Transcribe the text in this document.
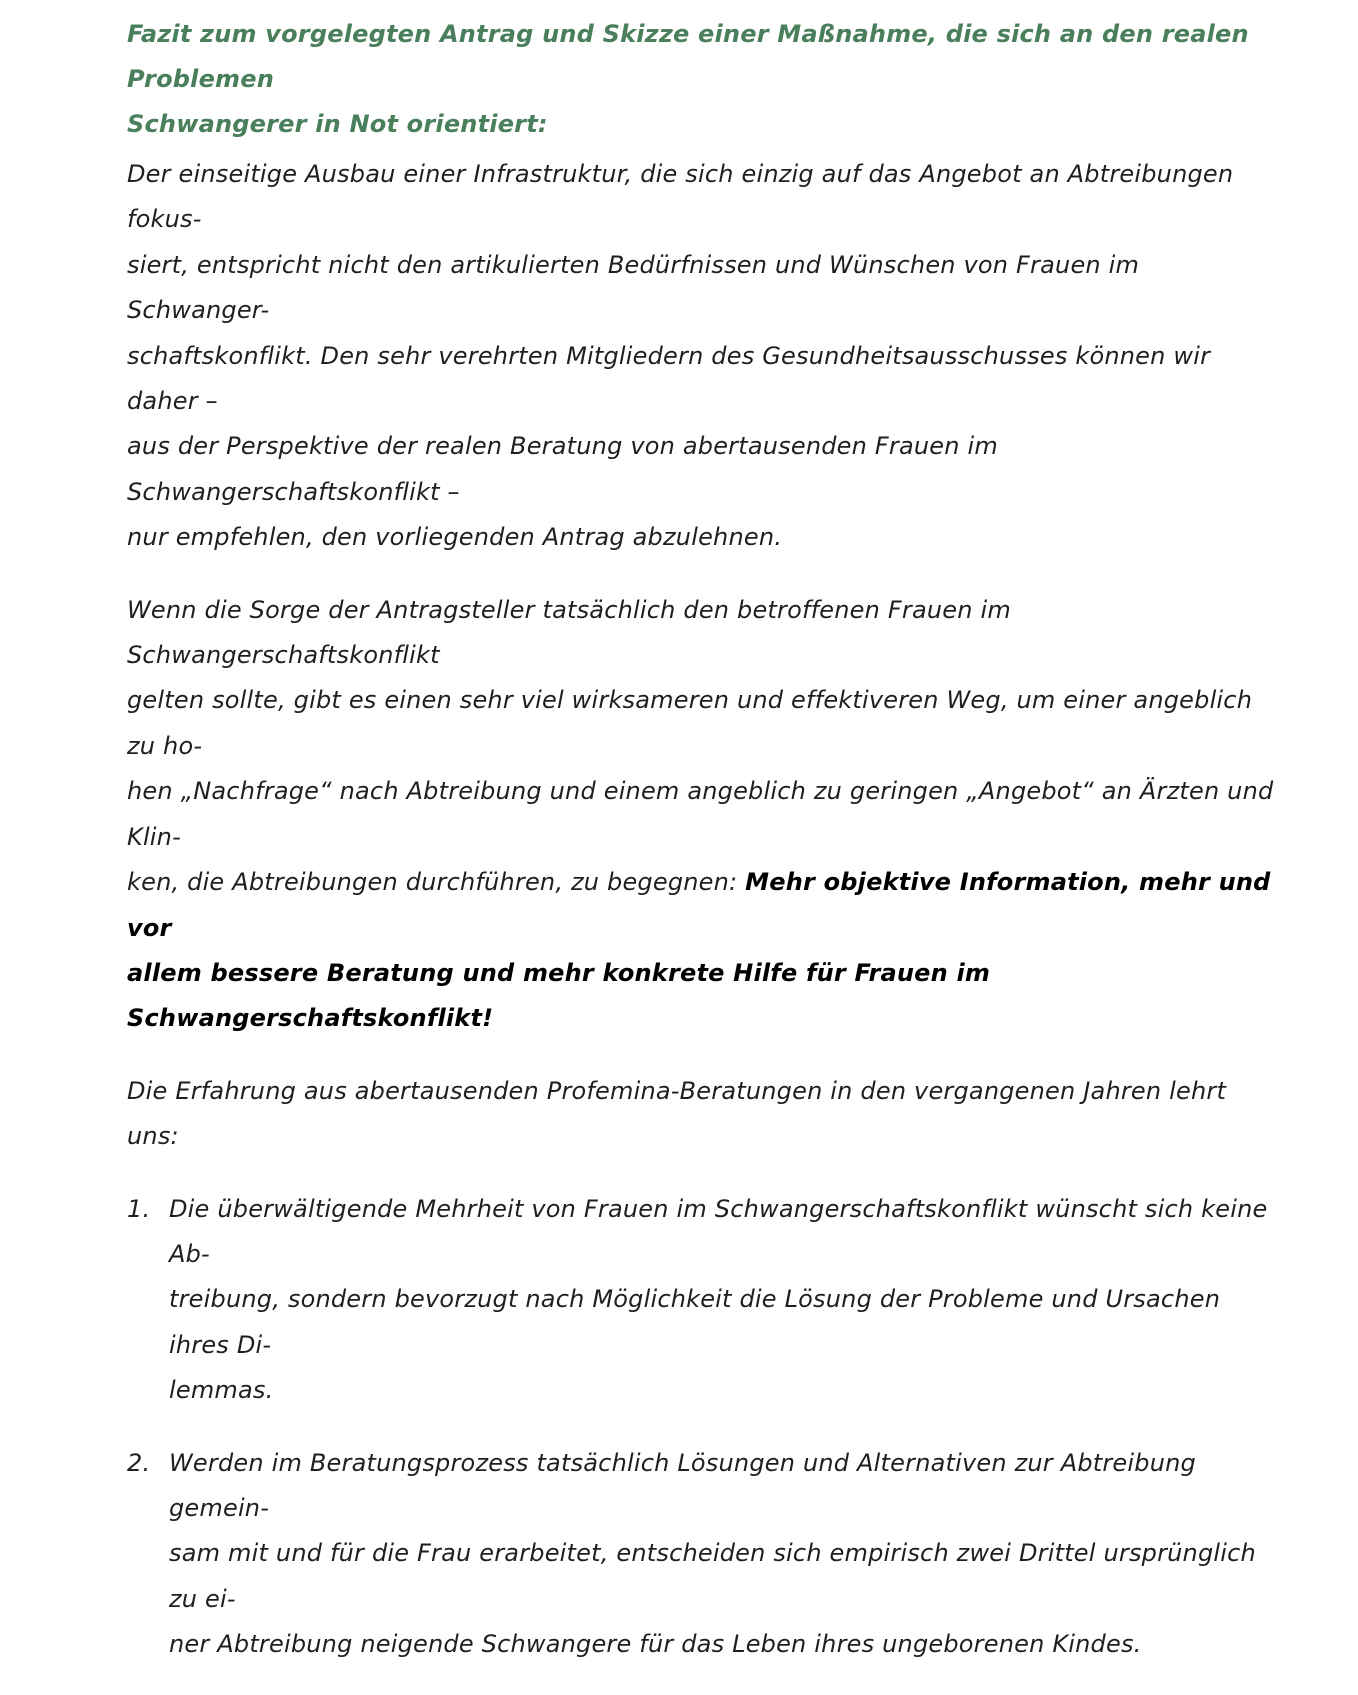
Fazit zum vorgelegten Antrag und Skizze einer Maßnahme, die sich an den realen Problemen
Schwangerer in Not orientiert:

Der einseitige Ausbau einer Infrastruktur, die sich einzig auf das Angebot an Abtreibungen fokus-
siert, entspricht nicht den artikulierten Bedürfnissen und Wünschen von Frauen im Schwanger-
schaftskonflikt. Den sehr verehrten Mitgliedern des Gesundheitsausschusses können wir daher –
aus der Perspektive der realen Beratung von abertausenden Frauen im Schwangerschaftskonflikt –
nur empfehlen, den vorliegenden Antrag abzulehnen.

Wenn die Sorge der Antragsteller tatsächlich den betroffenen Frauen im Schwangerschaftskonflikt
gelten sollte, gibt es einen sehr viel wirksameren und effektiveren Weg, um einer angeblich zu ho-
hen „Nachfrage“ nach Abtreibung und einem angeblich zu geringen „Angebot“ an Ärzten und Klin-
ken, die Abtreibungen durchführen, zu begegnen: Mehr objektive Information, mehr und vor
allem bessere Beratung und mehr konkrete Hilfe für Frauen im Schwangerschaftskonflikt!

Die Erfahrung aus abertausenden Profemina-Beratungen in den vergangenen Jahren lehrt uns:

1. Die überwältigende Mehrheit von Frauen im Schwangerschaftskonflikt wünscht sich keine Ab-
treibung, sondern bevorzugt nach Möglichkeit die Lösung der Probleme und Ursachen ihres Di-
lemmas.
2. Werden im Beratungsprozess tatsächlich Lösungen und Alternativen zur Abtreibung gemein-
sam mit und für die Frau erarbeitet, entscheiden sich empirisch zwei Drittel ursprünglich zu ei-
ner Abtreibung neigende Schwangere für das Leben ihres ungeborenen Kindes.
